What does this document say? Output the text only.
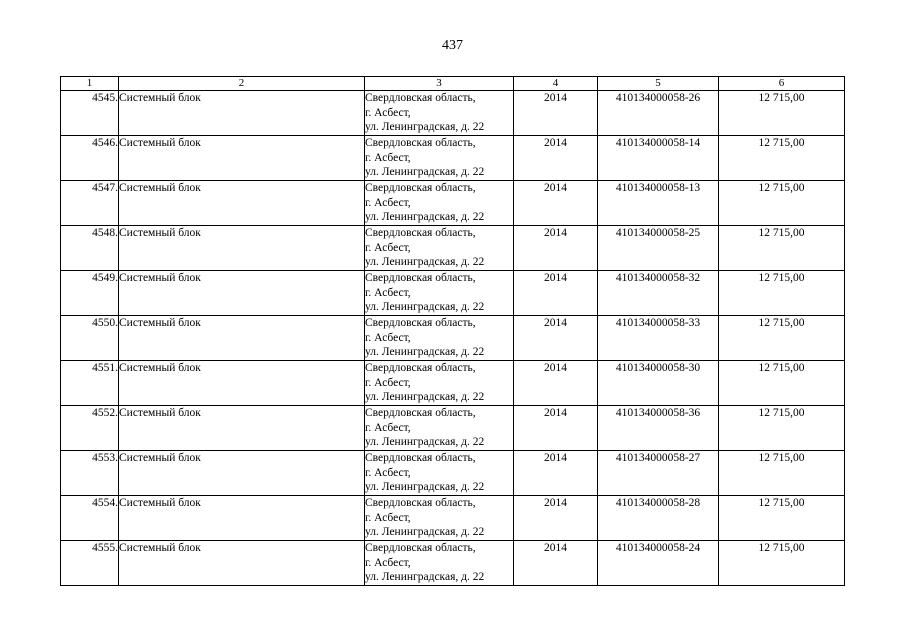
437
1	2	3	4	5	6
4545.	Системный блок	Свердловская область,
г. Асбест,
ул. Ленинградская, д. 22	2014	410134000058-26	12 715,00
4546.	Системный блок	Свердловская область,
г. Асбест,
ул. Ленинградская, д. 22	2014	410134000058-14	12 715,00
4547.	Системный блок	Свердловская область,
г. Асбест,
ул. Ленинградская, д. 22	2014	410134000058-13	12 715,00
4548.	Системный блок	Свердловская область,
г. Асбест,
ул. Ленинградская, д. 22	2014	410134000058-25	12 715,00
4549.	Системный блок	Свердловская область,
г. Асбест,
ул. Ленинградская, д. 22	2014	410134000058-32	12 715,00
4550.	Системный блок	Свердловская область,
г. Асбест,
ул. Ленинградская, д. 22	2014	410134000058-33	12 715,00
4551.	Системный блок	Свердловская область,
г. Асбест,
ул. Ленинградская, д. 22	2014	410134000058-30	12 715,00
4552.	Системный блок	Свердловская область,
г. Асбест,
ул. Ленинградская, д. 22	2014	410134000058-36	12 715,00
4553.	Системный блок	Свердловская область,
г. Асбест,
ул. Ленинградская, д. 22	2014	410134000058-27	12 715,00
4554.	Системный блок	Свердловская область,
г. Асбест,
ул. Ленинградская, д. 22	2014	410134000058-28	12 715,00
4555.	Системный блок	Свердловская область,
г. Асбест,
ул. Ленинградская, д. 22	2014	410134000058-24	12 715,00
